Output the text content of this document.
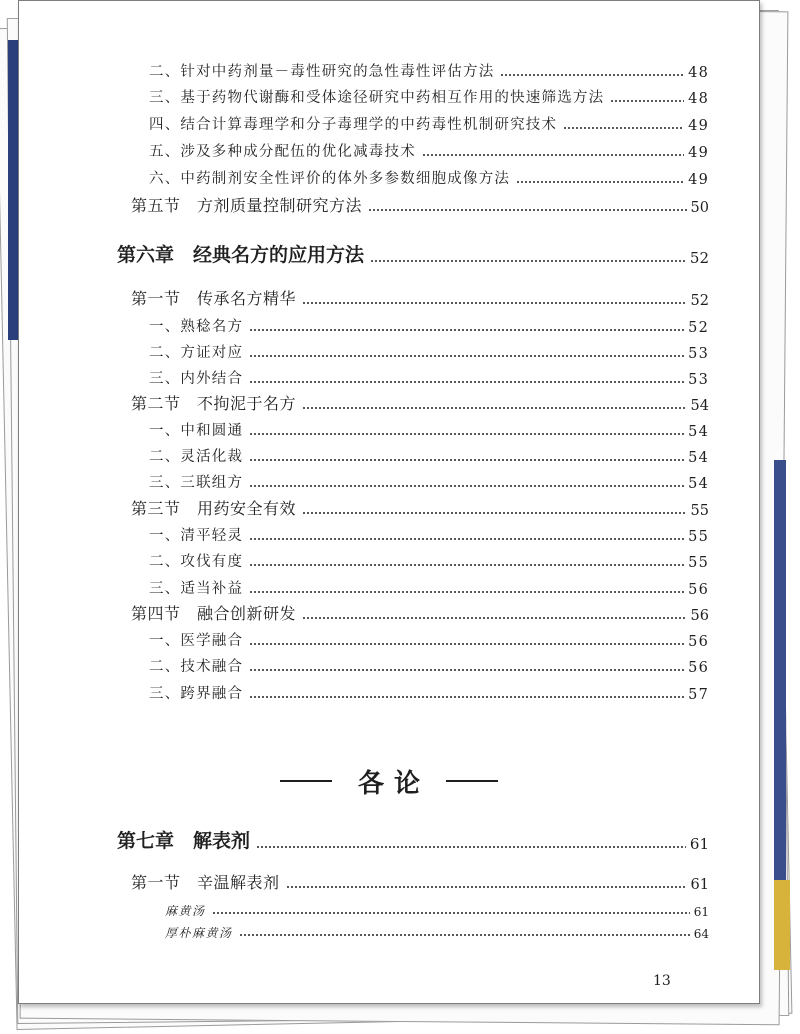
二、针对中药剂量－毒性研究的急性毒性评估方法	48
三、基于药物代谢酶和受体途径研究中药相互作用的快速筛选方法	48
四、结合计算毒理学和分子毒理学的中药毒性机制研究技术	49
五、涉及多种成分配伍的优化减毒技术	49
六、中药制剂安全性评价的体外多参数细胞成像方法	49
第五节　方剂质量控制研究方法	50
第六章　经典名方的应用方法	52
第一节　传承名方精华	52
一、熟稔名方	52
二、方证对应	53
三、内外结合	53
第二节　不拘泥于名方	54
一、中和圆通	54
二、灵活化裁	54
三、三联组方	54
第三节　用药安全有效	55
一、清平轻灵	55
二、攻伐有度	55
三、适当补益	56
第四节　融合创新研发	56
一、医学融合	56
二、技术融合	56
三、跨界融合	57
各论
第七章　解表剂	61
第一节　辛温解表剂	61
麻黄汤	61
厚朴麻黄汤	64
13
